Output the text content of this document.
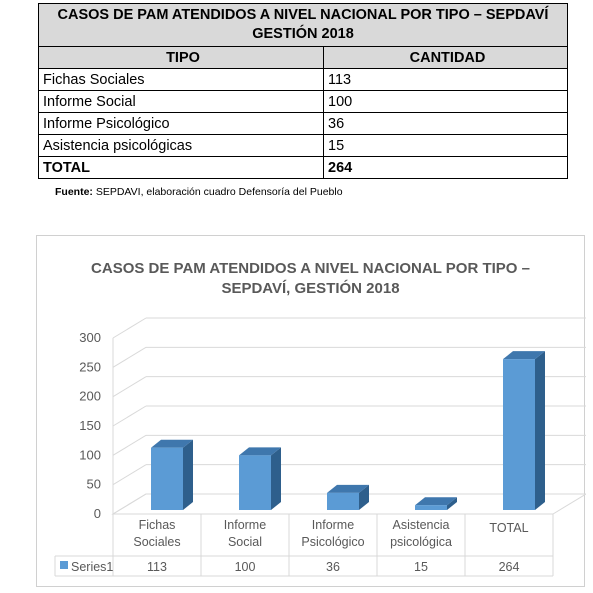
CASOS DE PAM ATENDIDOS A NIVEL NACIONAL POR TIPO – SEPDAVÍ GESTIÓN 2018	
TIPO	CANTIDAD
Fichas Sociales	113
Informe Social	100
Informe Psicológico	36
Asistencia psicológicas	15
TOTAL	264
Fuente: SEPDAVI, elaboración cuadro Defensoría del Pueblo
CASOS DE PAM ATENDIDOS A NIVEL NACIONAL POR TIPO –
SEPDAVÍ, GESTIÓN 2018
0
50
100
150
200
250
300
Fichas
Sociales
113
Informe
Social
100
Informe
Psicológico
36
Asistencia
psicológica
15
TOTAL
264
Series1
